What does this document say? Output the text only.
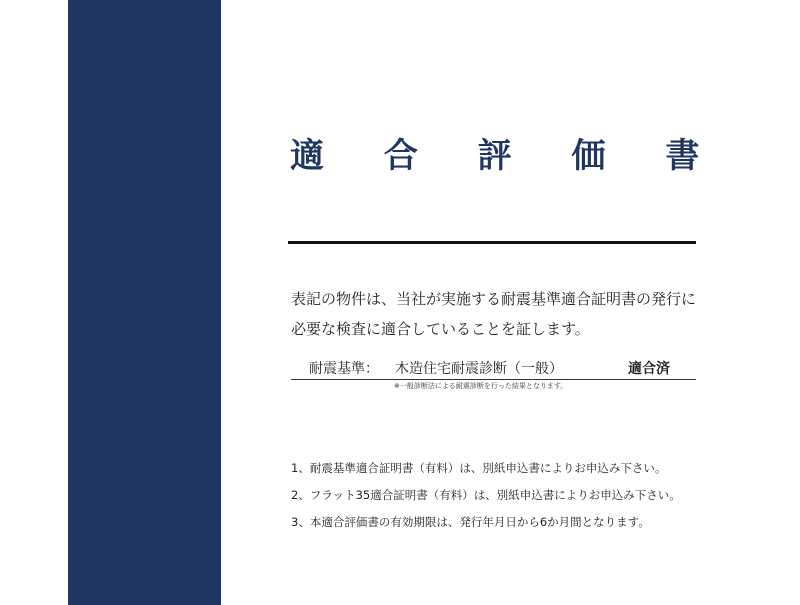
適 合 評 価 書
表記の物件は、当社が実施する耐震基準適合証明書の発行に
必要な検査に適合していることを証します。
耐震基準： 木造住宅耐震診断（一般）	適合済
※一般診断法による耐震診断を行った結果となります。
1、耐震基準適合証明書（有料）は、別紙申込書によりお申込み下さい。
2、フラット35適合証明書（有料）は、別紙申込書によりお申込み下さい。
3、本適合評価書の有効期限は、発行年月日から6か月間となります。
